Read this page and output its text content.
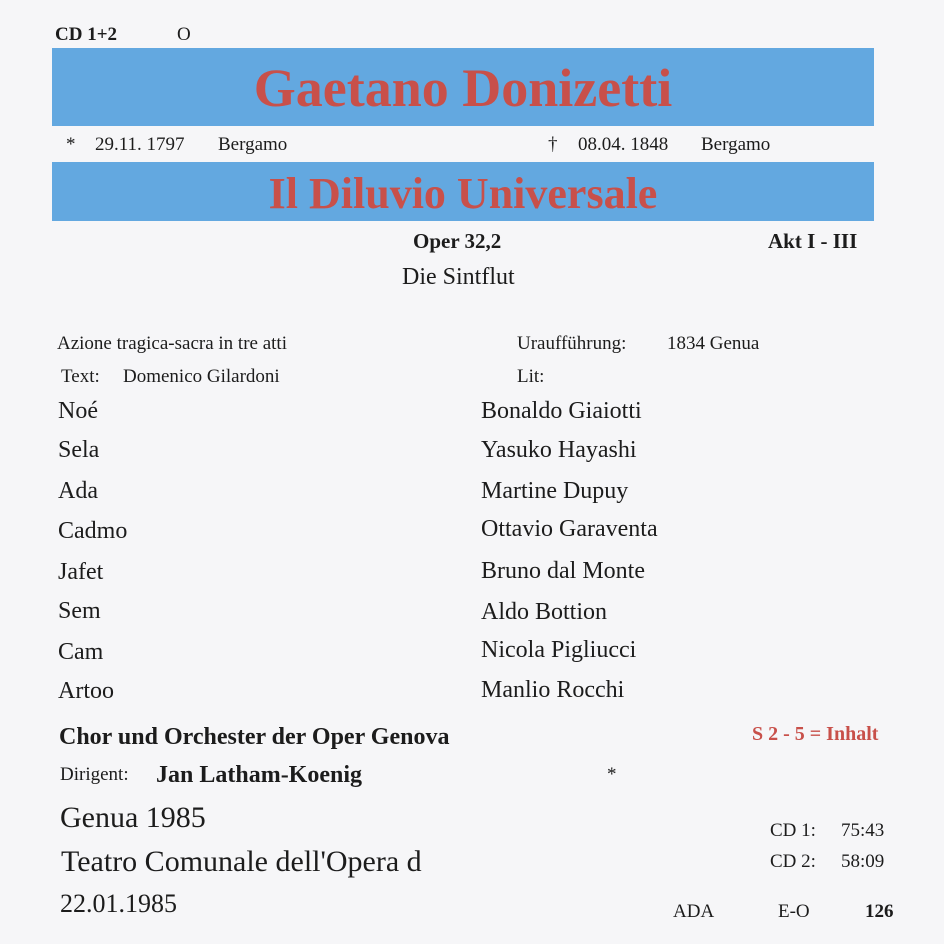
CD 1+2	O
Gaetano Donizetti
* 29.11. 1797 Bergamo	† 08.04. 1848 Bergamo
Il Diluvio Universale
Oper 32,2	Akt I - III
Die Sintflut
Azione tragica-sacra in tre atti	Uraufführung: 1834 Genua
Text: Domenico Gilardoni	Lit:
Noé	Bonaldo Giaiotti
Sela	Yasuko Hayashi
Ada	Martine Dupuy
Cadmo	Ottavio Garaventa
Jafet	Bruno dal Monte
Sem	Aldo Bottion
Cam	Nicola Pigliucci
Artoo	Manlio Rocchi
Chor und Orchester der Oper Genova	S 2 - 5 = Inhalt
Dirigent: Jan Latham-Koenig	*
Genua 1985
Teatro Comunale dell'Opera d
22.01.1985
CD 1: 75:43
CD 2: 58:09
ADA	E-O	126
